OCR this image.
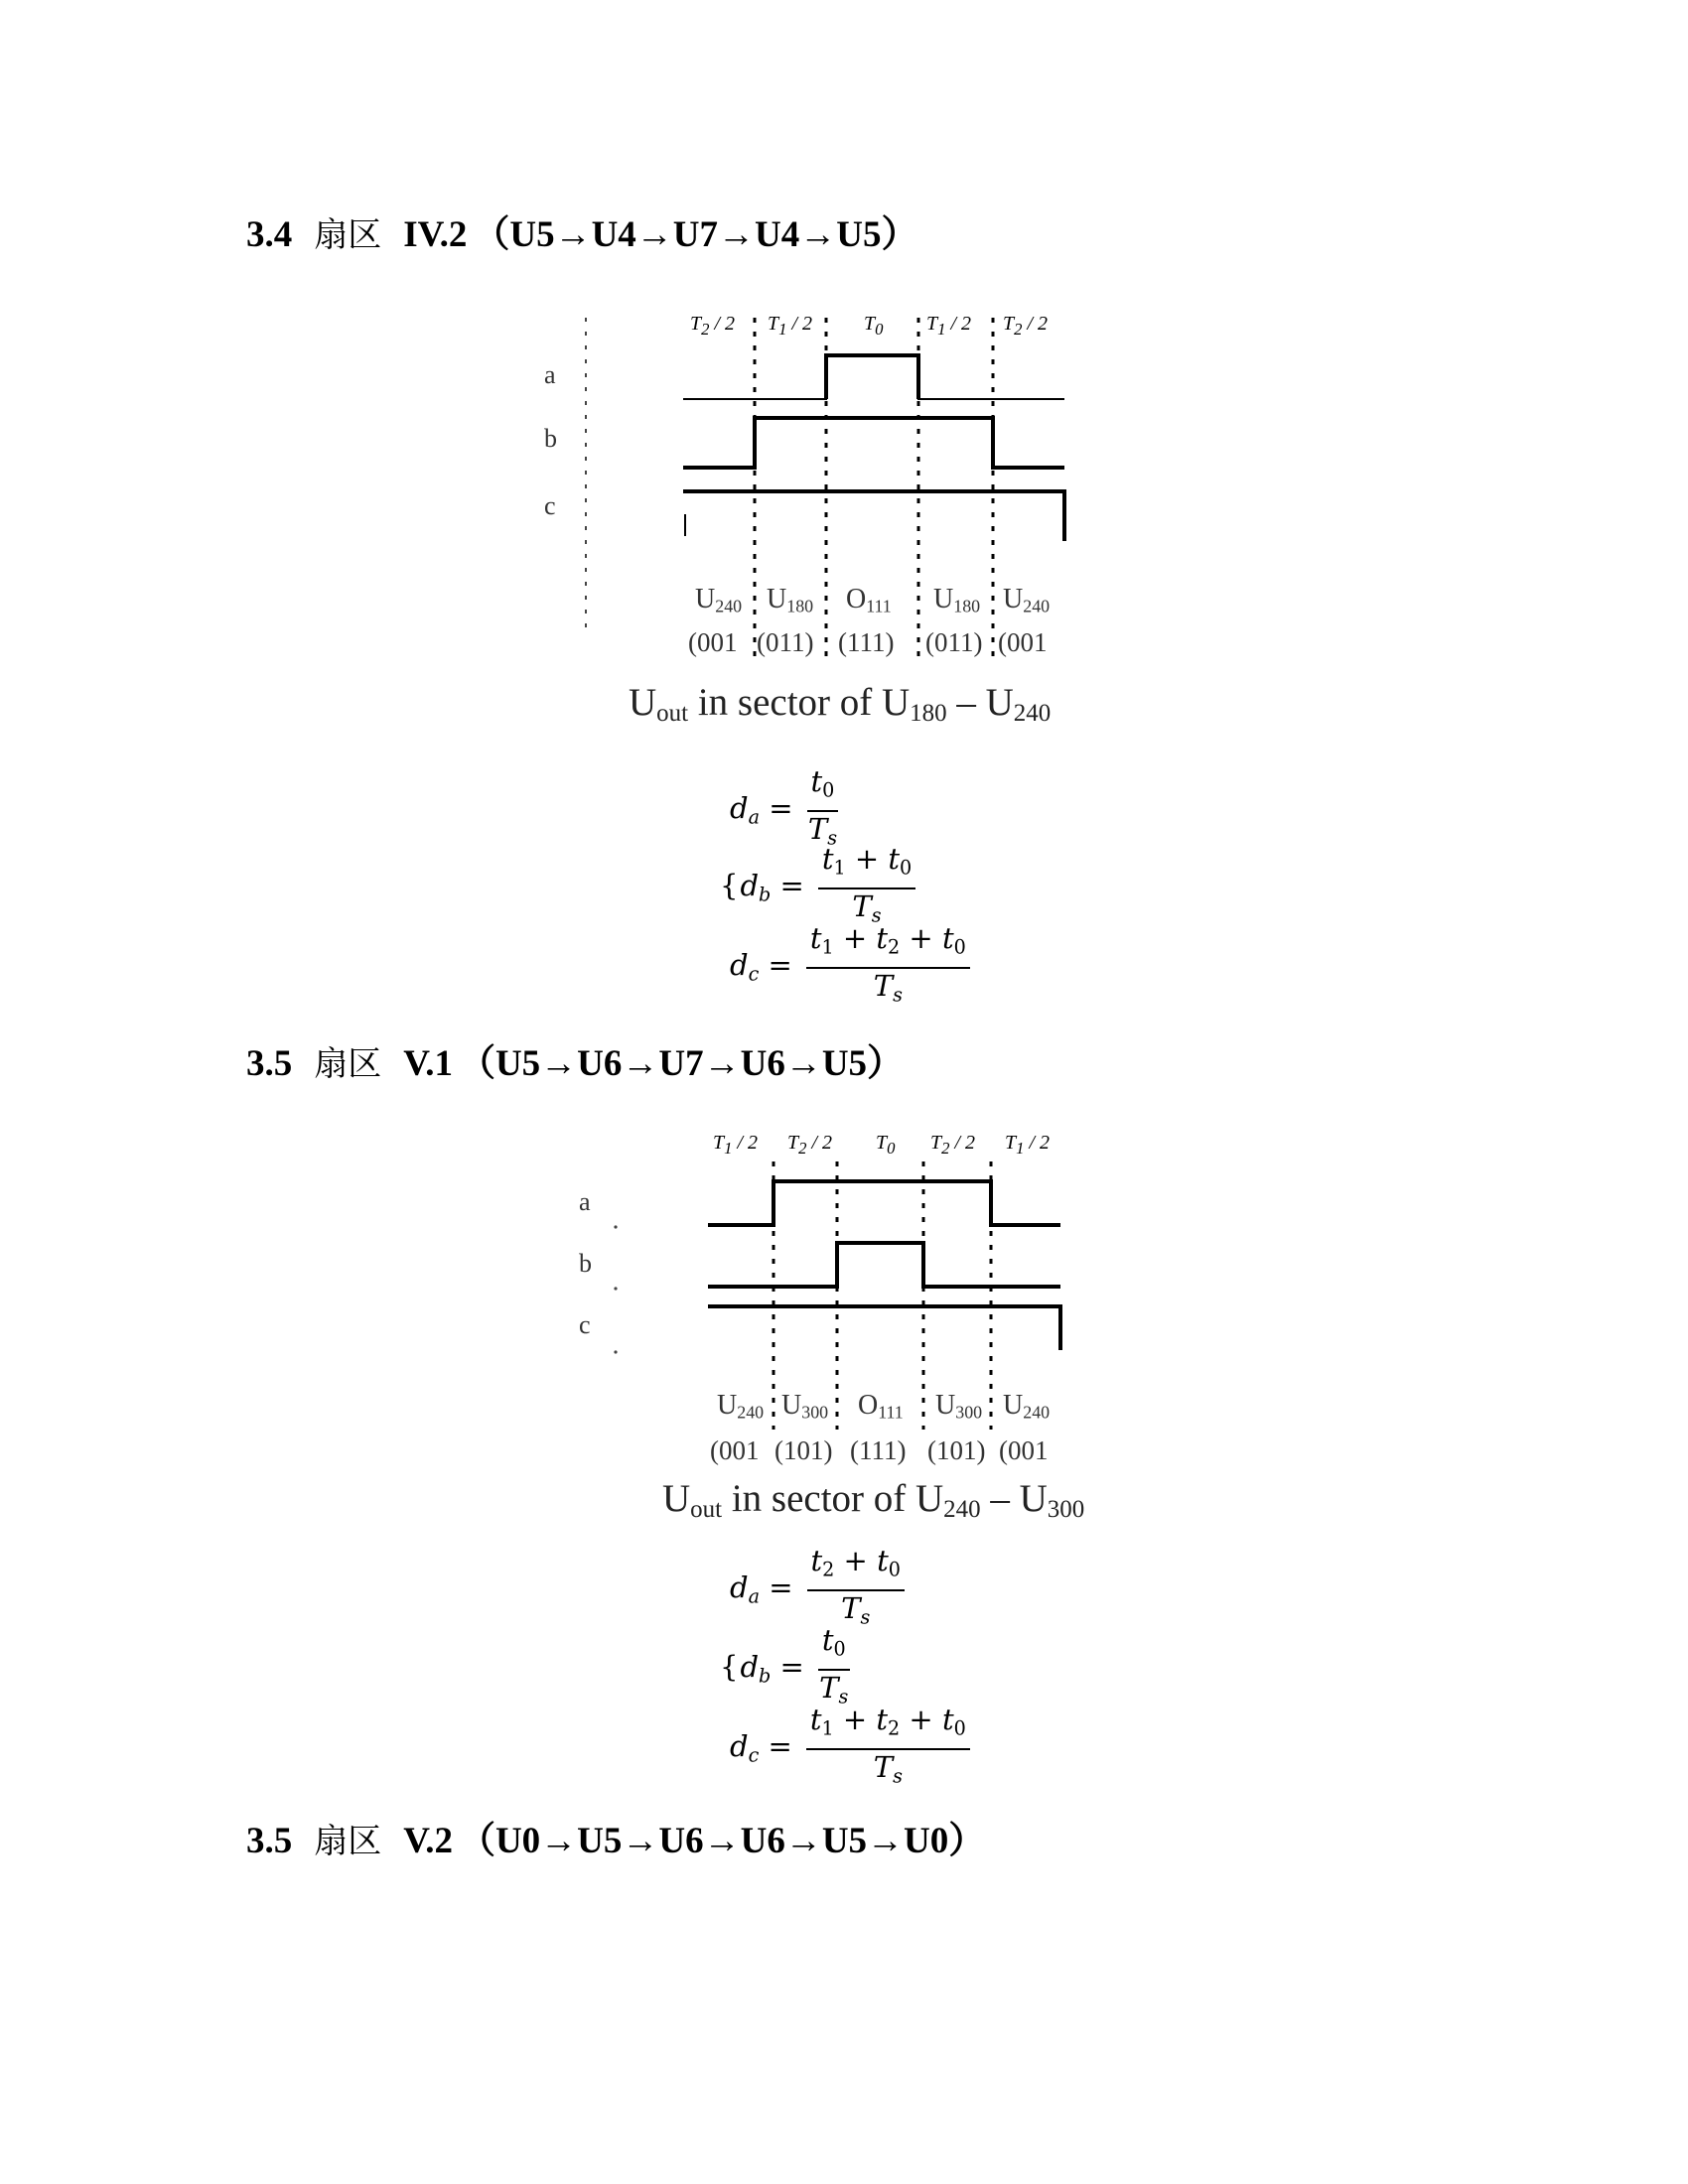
3.4 扇区 IV.2 （U5→U4→U7→U4→U5）
$T_2 / 2$ $T_1 / 2$	$T_0$ $T_1 / 2$ $T_2 / 2$
a
b
c
$U_{240}$ $U_{180}$ $O_{111}$ $U_{180}$ $U_{240}$
(001 (011) (111) (011) (001
$U_{out}$ in sector of $U_{180} - U_{240}$
$d_a = \frac{t_0}{T_s}$
{$d_b = \frac{t_1 + t_0}{T_s}$
$d_c = \frac{t_1 + t_2 + t_0}{T_s}$
3.5 扇区 V.1 （U5→U6→U7→U6→U5）
$T_1 / 2$ $T_2 / 2$ $T_0$ $T_2 / 2$ $T_1 / 2$
a
b
c
$U_{240}$ $U_{300}$ $O_{111}$ $U_{300}$ $U_{240}$
(001 (101) (111) (101) (001
$U_{out}$ in sector of $U_{240} - U_{300}$
$d_a = \frac{t_2 + t_0}{T_s}$
{$d_b = \frac{t_0}{T_s}$
$d_c = \frac{t_1 + t_2 + t_0}{T_s}$
3.5 扇区 V.2 （U0→U5→U6→U6→U5→U0）
